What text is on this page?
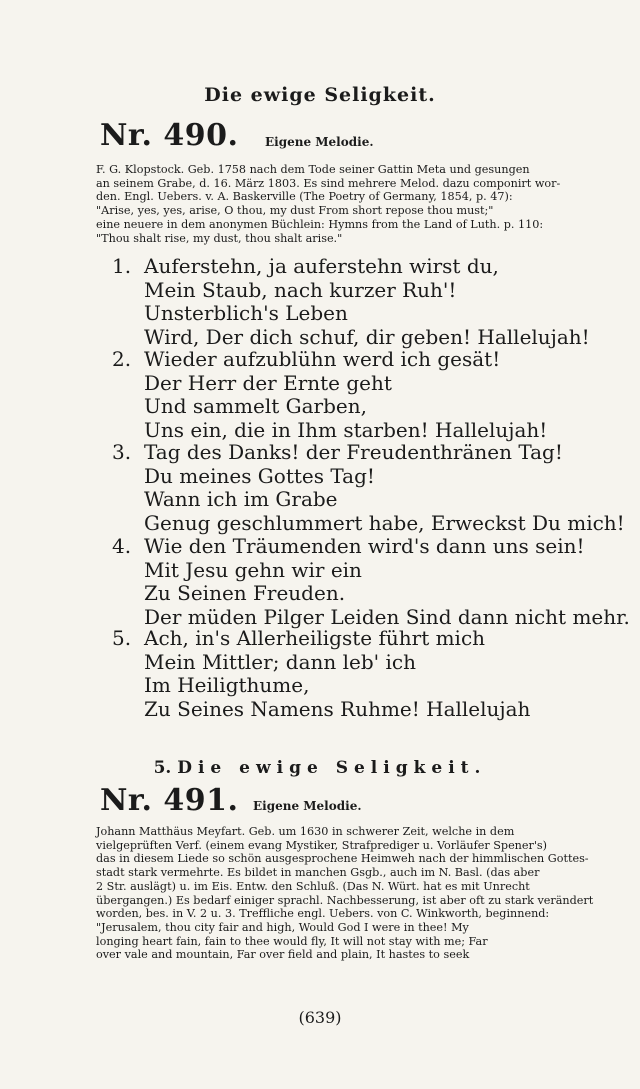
Die ewige Seligkeit.
Nr. 490. Eigene Melodie.

F. G. Klopstock. Geb. 1758 nach dem Tode seiner Gattin Meta und gesungen

an seinem Grabe, d. 16. März 1803. Es sind mehrere Melod. dazu componirt wor-

den. Engl. Uebers. v. A. Baskerville (The Poetry of Germany, 1854, p. 47):

"Arise, yes, yes, arise, O thou, my dust From short repose thou must;"

eine neuere in dem anonymen Büchlein: Hymns from the Land of Luth. p. 110:

"Thou shalt rise, my dust, thou shalt arise."

1. Auferstehn, ja auferstehn wirst du,
Mein Staub, nach kurzer Ruh'!
Unsterblich's Leben
Wird, Der dich schuf, dir geben! Hallelujah!
2. Wieder aufzublühn werd ich gesät!
Der Herr der Ernte geht
Und sammelt Garben,
Uns ein, die in Ihm starben! Hallelujah!
3. Tag des Danks! der Freudenthränen Tag!
Du meines Gottes Tag!
Wann ich im Grabe
Genug geschlummert habe, Erweckst Du mich!
4. Wie den Träumenden wird's dann uns sein!
Mit Jesu gehn wir ein
Zu Seinen Freuden.
Der müden Pilger Leiden Sind dann nicht mehr.
5. Ach, in's Allerheiligste führt mich
Mein Mittler; dann leb' ich
Im Heiligthume,
Zu Seines Namens Ruhme! Hallelujah
5. Die ewige Seligkeit.
Nr. 491. Eigene Melodie.

Johann Matthäus Meyfart. Geb. um 1630 in schwerer Zeit, welche in dem

vielgeprüften Verf. (einem evang Mystiker, Strafprediger u. Vorläufer Spener's)

das in diesem Liede so schön ausgesprochene Heimweh nach der himmlischen Gottes-

stadt stark vermehrte. Es bildet in manchen Gsgb., auch im N. Basl. (das aber

2 Str. auslägt) u. im Eis. Entw. den Schluß. (Das N. Würt. hat es mit Unrecht

übergangen.) Es bedarf einiger sprachl. Nachbesserung, ist aber oft zu stark verändert

worden, bes. in V. 2 u. 3. Treffliche engl. Uebers. von C. Winkworth, beginnend:

"Jerusalem, thou city fair and high, Would God I were in thee! My

longing heart fain, fain to thee would fly, It will not stay with me; Far

over vale and mountain, Far over field and plain, It hastes to seek

(639)
